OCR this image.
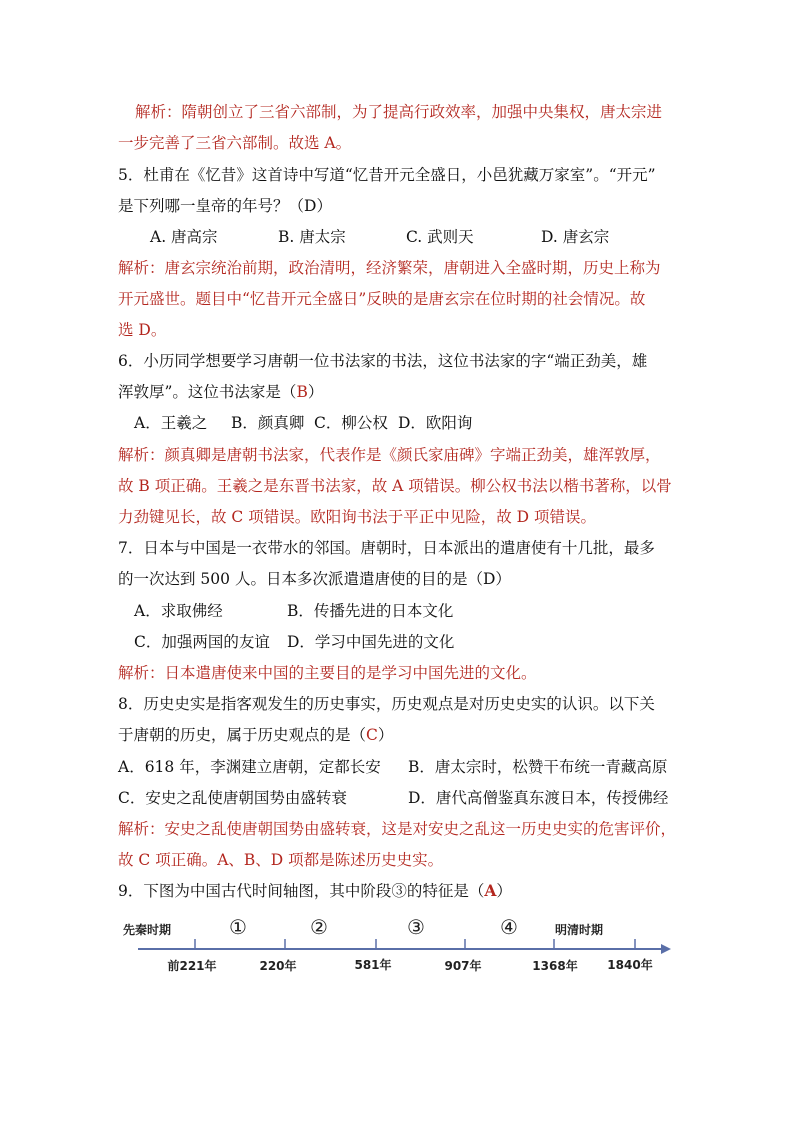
解析：隋朝创立了三省六部制，为了提高行政效率，加强中央集权，唐太宗进
一步完善了三省六部制。故选 A。
5．杜甫在《忆昔》这首诗中写道“忆昔开元全盛日，小邑犹藏万家室”。“开元”
是下列哪一皇帝的年号？（D）
A. 唐高宗	B. 唐太宗	C. 武则天	D. 唐玄宗
解析：唐玄宗统治前期，政治清明，经济繁荣，唐朝进入全盛时期，历史上称为
开元盛世。题目中“忆昔开元全盛日”反映的是唐玄宗在位时期的社会情况。故
选 D。
6．小历同学想要学习唐朝一位书法家的书法，这位书法家的字“端正劲美，雄
浑敦厚”。这位书法家是（B）
A．王羲之 B．颜真卿 C．柳公权 D．欧阳询
解析：颜真卿是唐朝书法家，代表作是《颜氏家庙碑》字端正劲美，雄浑敦厚，
故 B 项正确。王羲之是东晋书法家，故 A 项错误。柳公权书法以楷书著称，以骨
力劲键见长，故 C 项错误。欧阳询书法于平正中见险，故 D 项错误。
7．日本与中国是一衣带水的邻国。唐朝时，日本派出的遣唐使有十几批，最多
的一次达到 500 人。日本多次派遣遣唐使的目的是（D）
A．求取佛经	B．传播先进的日本文化
C．加强两国的友谊 D．学习中国先进的文化
解析：日本遣唐使来中国的主要目的是学习中国先进的文化。
8．历史史实是指客观发生的历史事实，历史观点是对历史史实的认识。以下关
于唐朝的历史，属于历史观点的是（C）
A．618 年，李渊建立唐朝，定都长安 B．唐太宗时，松赞干布统一青藏高原
C．安史之乱使唐朝国势由盛转衰	D．唐代高僧鉴真东渡日本，传授佛经
解析：安史之乱使唐朝国势由盛转衰，这是对安史之乱这一历史史实的危害评价，
故 C 项正确。A、B、D 项都是陈述历史史实。
9．下图为中国古代时间轴图，其中阶段③的特征是（A）
先秦时期	明清时期
①	②	③	④
前221年	220年	581年	907年	1368年 1840年
